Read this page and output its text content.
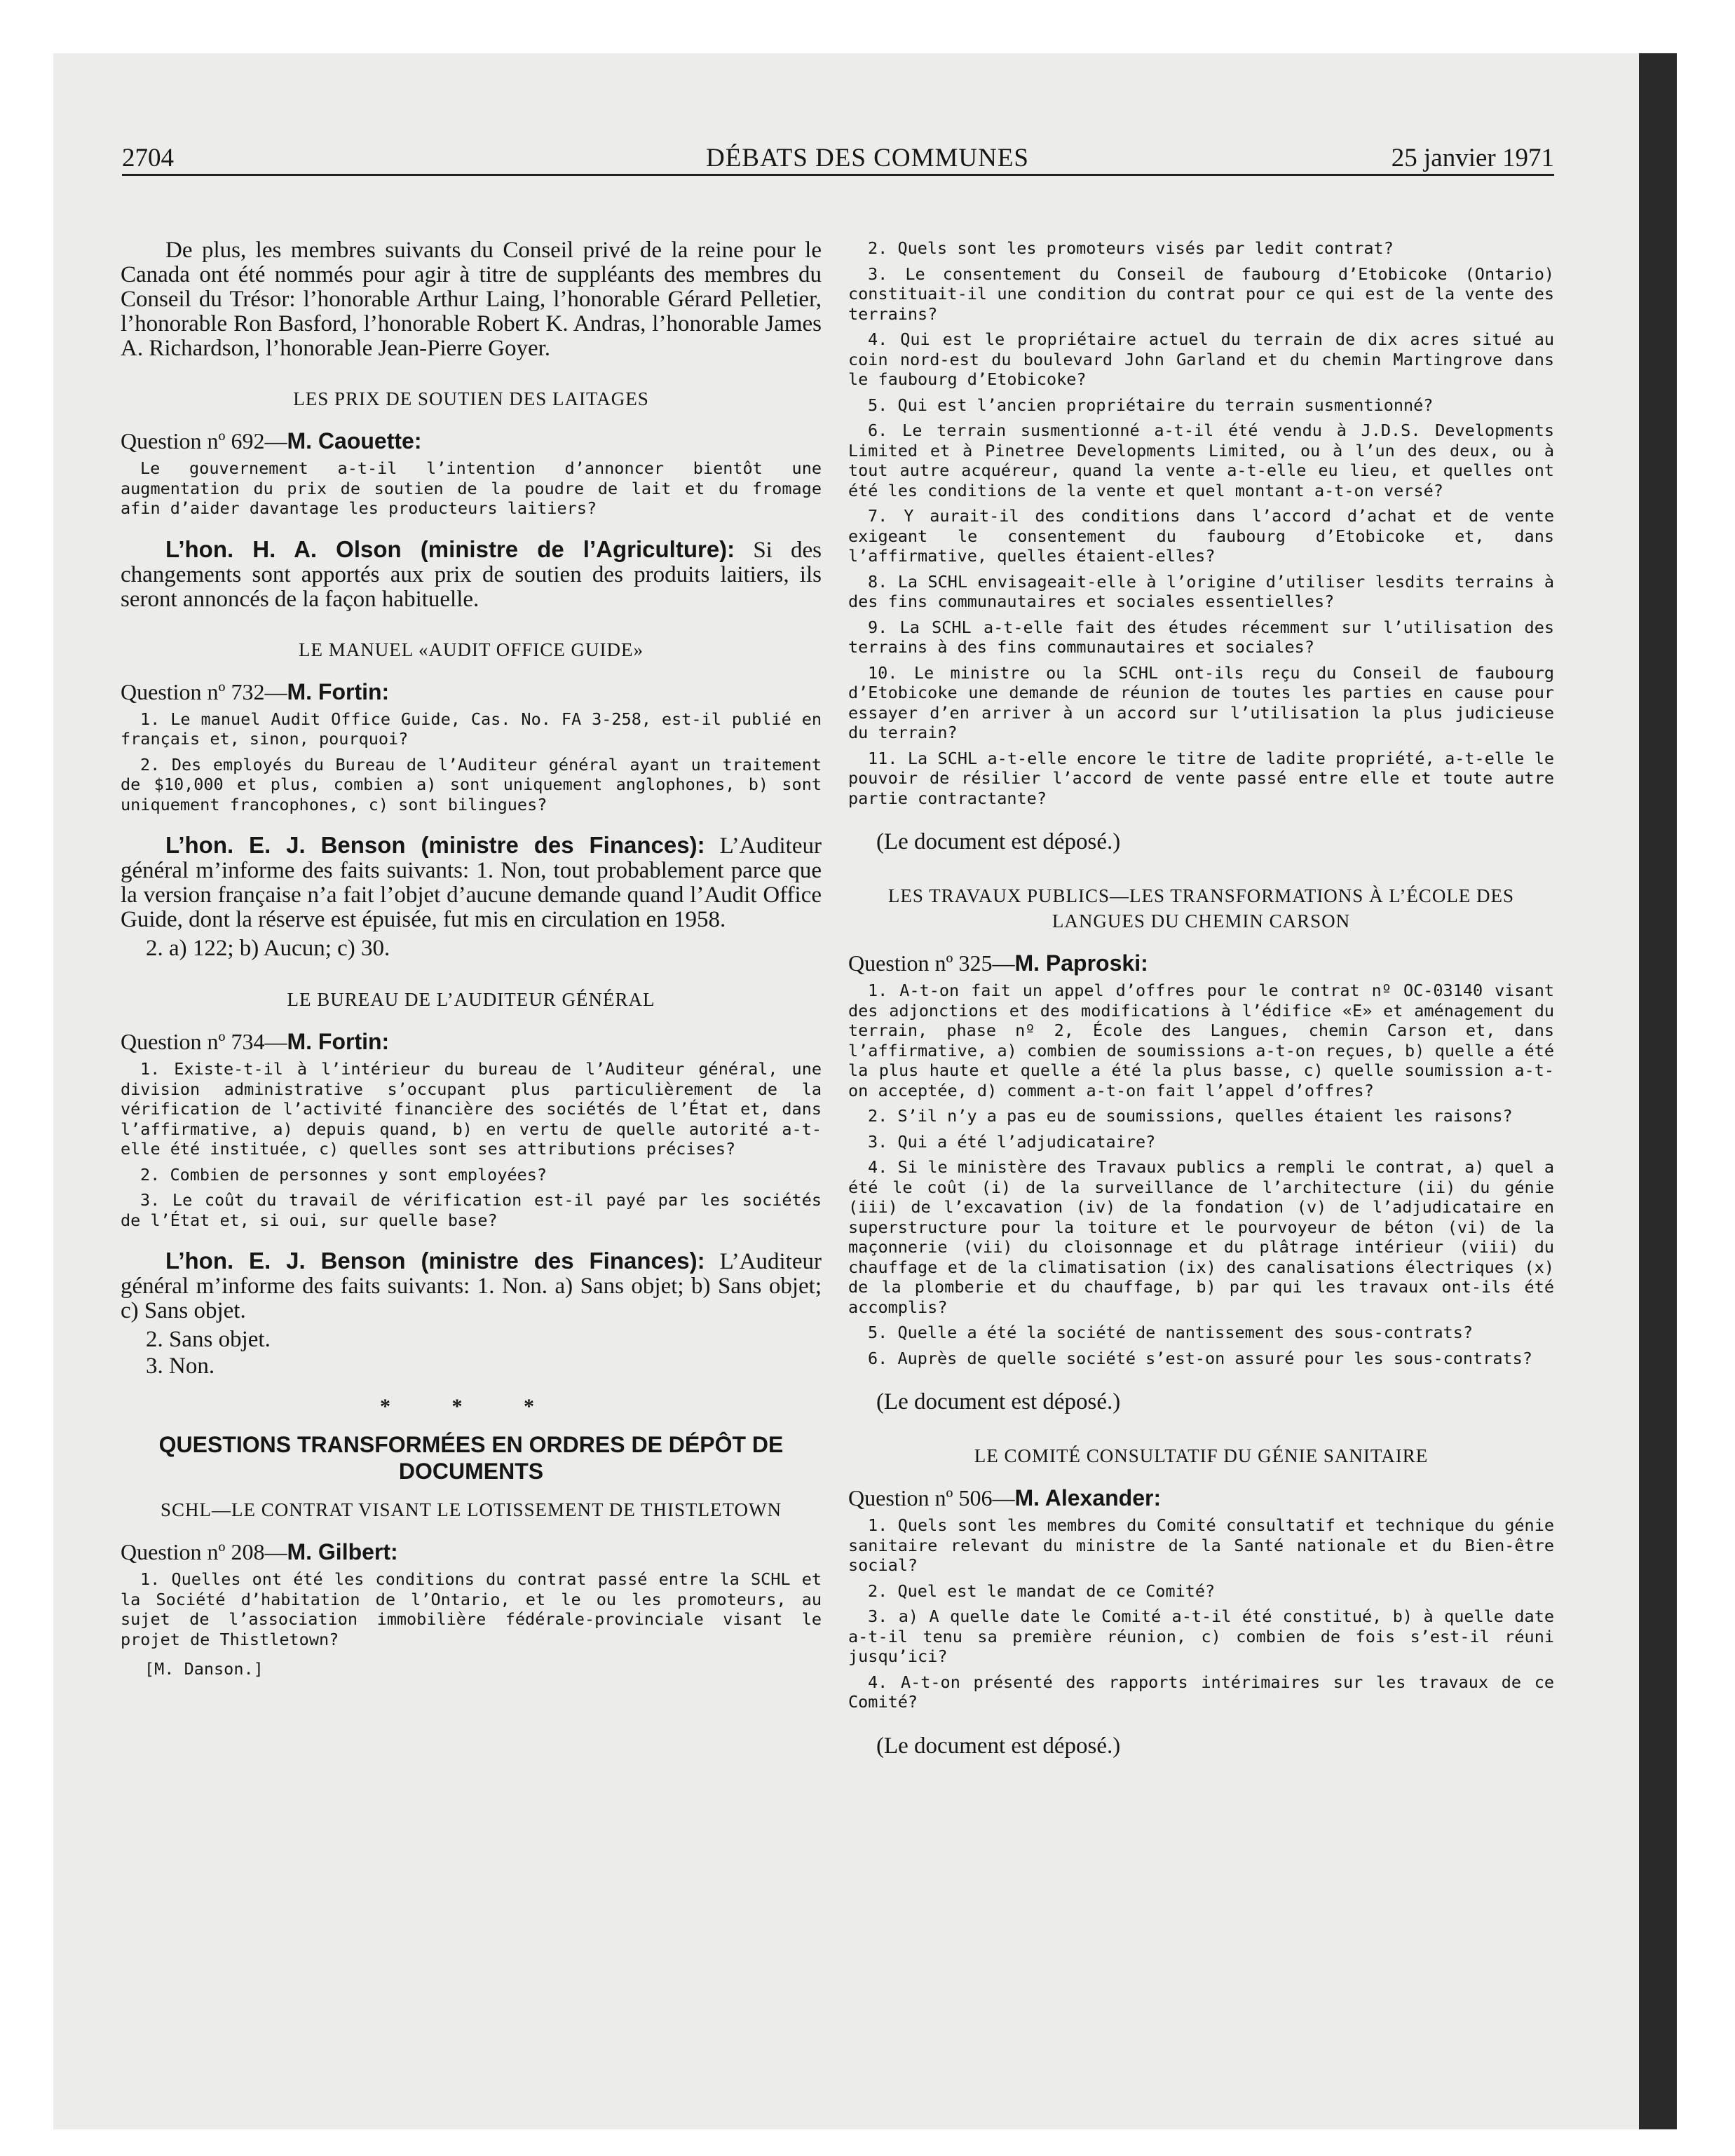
2704	DÉBATS DES COMMUNES	25 janvier 1971

De plus, les membres suivants du Conseil privé de la reine pour le Canada ont été nommés pour agir à titre de suppléants des membres du Conseil du Trésor: l’honorable Arthur Laing, l’honorable Gérard Pelletier, l’honorable Ron Basford, l’honorable Robert K. Andras, l’honorable James A. Richardson, l’honorable Jean-Pierre Goyer.

LES PRIX DE SOUTIEN DES LAITAGES
Question nº 692—M. Caouette:

Le gouvernement a-t-il l’intention d’annoncer bientôt une augmentation du prix de soutien de la poudre de lait et du fromage afin d’aider davantage les producteurs laitiers?

L’hon. H. A. Olson (ministre de l’Agriculture): Si des changements sont apportés aux prix de soutien des produits laitiers, ils seront annoncés de la façon habituelle.

LE MANUEL «AUDIT OFFICE GUIDE»
Question nº 732—M. Fortin:

1. Le manuel Audit Office Guide, Cas. No. FA 3-258, est-il publié en français et, sinon, pourquoi?

2. Des employés du Bureau de l’Auditeur général ayant un traitement de $10,000 et plus, combien a) sont uniquement anglophones, b) sont uniquement francophones, c) sont bilingues?

L’hon. E. J. Benson (ministre des Finances): L’Auditeur général m’informe des faits suivants: 1. Non, tout probablement parce que la version française n’a fait l’objet d’aucune demande quand l’Audit Office Guide, dont la réserve est épuisée, fut mis en circulation en 1958.

2. a) 122; b) Aucun; c) 30.

LE BUREAU DE L’AUDITEUR GÉNÉRAL
Question nº 734—M. Fortin:

1. Existe-t-il à l’intérieur du bureau de l’Auditeur général, une division administrative s’occupant plus particulièrement de la vérification de l’activité financière des sociétés de l’État et, dans l’affirmative, a) depuis quand, b) en vertu de quelle autorité a-t-elle été instituée, c) quelles sont ses attributions précises?

2. Combien de personnes y sont employées?

3. Le coût du travail de vérification est-il payé par les sociétés de l’État et, si oui, sur quelle base?

L’hon. E. J. Benson (ministre des Finances): L’Auditeur général m’informe des faits suivants: 1. Non. a) Sans objet; b) Sans objet; c) Sans objet.

2. Sans objet.

3. Non.

* * *
QUESTIONS TRANSFORMÉES EN ORDRES DE DÉPÔT DE DOCUMENTS
SCHL—LE CONTRAT VISANT LE LOTISSEMENT DE THISTLETOWN
Question nº 208—M. Gilbert:

1. Quelles ont été les conditions du contrat passé entre la SCHL et la Société d’habitation de l’Ontario, et le ou les promoteurs, au sujet de l’association immobilière fédérale-provinciale visant le projet de Thistletown?

[M. Danson.]

2. Quels sont les promoteurs visés par ledit contrat?

3. Le consentement du Conseil de faubourg d’Etobicoke (Ontario) constituait-il une condition du contrat pour ce qui est de la vente des terrains?

4. Qui est le propriétaire actuel du terrain de dix acres situé au coin nord-est du boulevard John Garland et du chemin Martingrove dans le faubourg d’Etobicoke?

5. Qui est l’ancien propriétaire du terrain susmentionné?

6. Le terrain susmentionné a-t-il été vendu à J.D.S. Developments Limited et à Pinetree Developments Limited, ou à l’un des deux, ou à tout autre acquéreur, quand la vente a-t-elle eu lieu, et quelles ont été les conditions de la vente et quel montant a-t-on versé?

7. Y aurait-il des conditions dans l’accord d’achat et de vente exigeant le consentement du faubourg d’Etobicoke et, dans l’affirmative, quelles étaient-elles?

8. La SCHL envisageait-elle à l’origine d’utiliser lesdits terrains à des fins communautaires et sociales essentielles?

9. La SCHL a-t-elle fait des études récemment sur l’utilisation des terrains à des fins communautaires et sociales?

10. Le ministre ou la SCHL ont-ils reçu du Conseil de faubourg d’Etobicoke une demande de réunion de toutes les parties en cause pour essayer d’en arriver à un accord sur l’utilisation la plus judicieuse du terrain?

11. La SCHL a-t-elle encore le titre de ladite propriété, a-t-elle le pouvoir de résilier l’accord de vente passé entre elle et toute autre partie contractante?

(Le document est déposé.)
LES TRAVAUX PUBLICS—LES TRANSFORMATIONS À L’ÉCOLE DES LANGUES DU CHEMIN CARSON
Question nº 325—M. Paproski:

1. A-t-on fait un appel d’offres pour le contrat nº OC-03140 visant des adjonctions et des modifications à l’édifice «E» et aménagement du terrain, phase nº 2, École des Langues, chemin Carson et, dans l’affirmative, a) combien de soumissions a-t-on reçues, b) quelle a été la plus haute et quelle a été la plus basse, c) quelle soumission a-t-on acceptée, d) comment a-t-on fait l’appel d’offres?

2. S’il n’y a pas eu de soumissions, quelles étaient les raisons?

3. Qui a été l’adjudicataire?

4. Si le ministère des Travaux publics a rempli le contrat, a) quel a été le coût (i) de la surveillance de l’architecture (ii) du génie (iii) de l’excavation (iv) de la fondation (v) de l’adjudicataire en superstructure pour la toiture et le pourvoyeur de béton (vi) de la maçonnerie (vii) du cloisonnage et du plâtrage intérieur (viii) du chauffage et de la climatisation (ix) des canalisations électriques (x) de la plomberie et du chauffage, b) par qui les travaux ont-ils été accomplis?

5. Quelle a été la société de nantissement des sous-contrats?

6. Auprès de quelle société s’est-on assuré pour les sous-contrats?

(Le document est déposé.)
LE COMITÉ CONSULTATIF DU GÉNIE SANITAIRE
Question nº 506—M. Alexander:

1. Quels sont les membres du Comité consultatif et technique du génie sanitaire relevant du ministre de la Santé nationale et du Bien-être social?

2. Quel est le mandat de ce Comité?

3. a) A quelle date le Comité a-t-il été constitué, b) à quelle date a-t-il tenu sa première réunion, c) combien de fois s’est-il réuni jusqu’ici?

4. A-t-on présenté des rapports intérimaires sur les travaux de ce Comité?

(Le document est déposé.)
